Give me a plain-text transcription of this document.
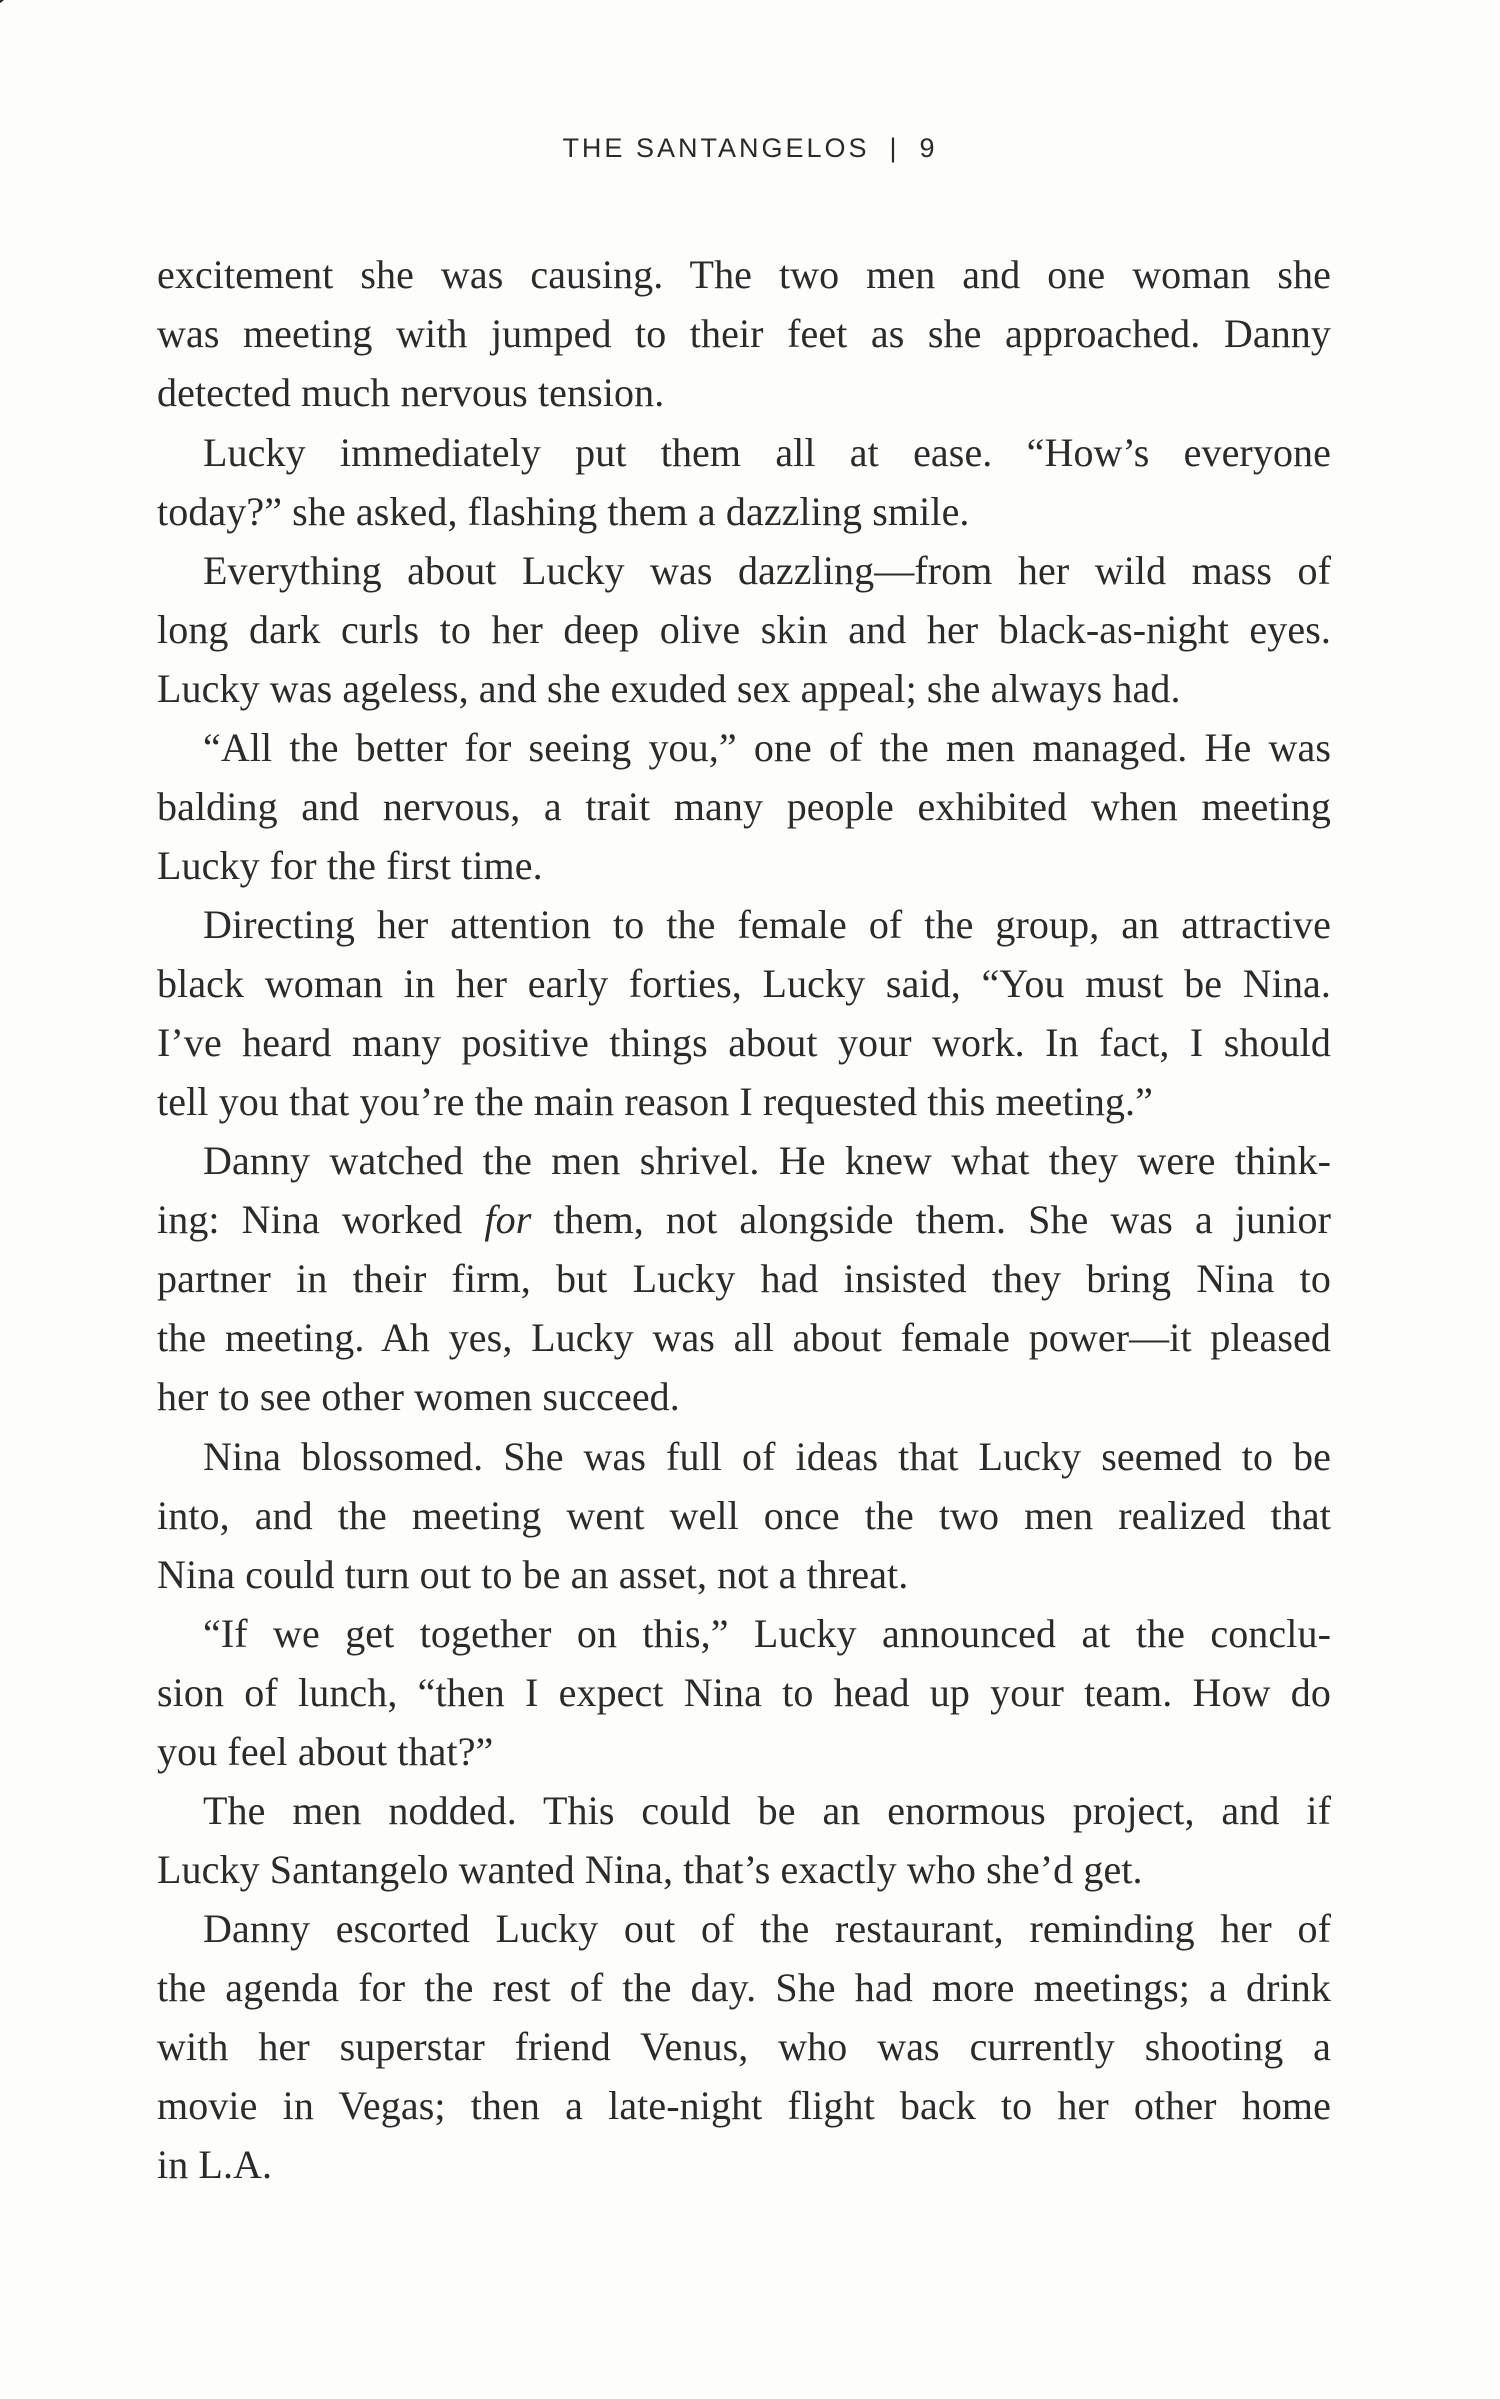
THE SANTANGELOS | 9
excitement she was causing. The two men and one woman she
was meeting with jumped to their feet as she approached. Danny
detected much nervous tension.
Lucky immediately put them all at ease. “How’s everyone
today?” she asked, flashing them a dazzling smile.
Everything about Lucky was dazzling—from her wild mass of
long dark curls to her deep olive skin and her black-as-night eyes.
Lucky was ageless, and she exuded sex appeal; she always had.
“All the better for seeing you,” one of the men managed. He was
balding and nervous, a trait many people exhibited when meeting
Lucky for the first time.
Directing her attention to the female of the group, an attractive
black woman in her early forties, Lucky said, “You must be Nina.
I’ve heard many positive things about your work. In fact, I should
tell you that you’re the main reason I requested this meeting.”
Danny watched the men shrivel. He knew what they were think-
ing: Nina worked for them, not alongside them. She was a junior
partner in their firm, but Lucky had insisted they bring Nina to
the meeting. Ah yes, Lucky was all about female power—it pleased
her to see other women succeed.
Nina blossomed. She was full of ideas that Lucky seemed to be
into, and the meeting went well once the two men realized that
Nina could turn out to be an asset, not a threat.
“If we get together on this,” Lucky announced at the conclu-
sion of lunch, “then I expect Nina to head up your team. How do
you feel about that?”
The men nodded. This could be an enormous project, and if
Lucky Santangelo wanted Nina, that’s exactly who she’d get.
Danny escorted Lucky out of the restaurant, reminding her of
the agenda for the rest of the day. She had more meetings; a drink
with her superstar friend Venus, who was currently shooting a
movie in Vegas; then a late-night flight back to her other home
in L.A.
